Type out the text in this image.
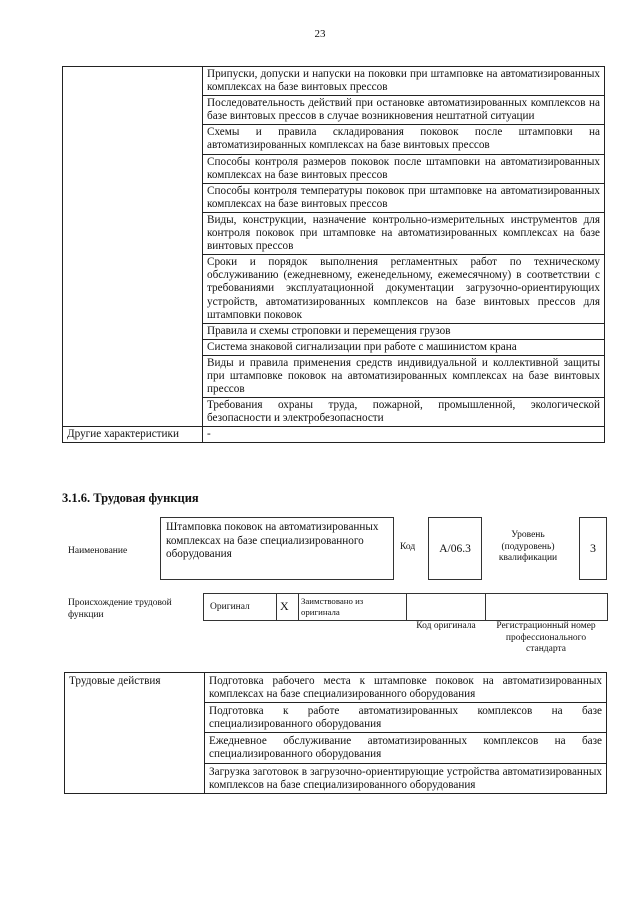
23
	Припуски, допуски и напуски на поковки при штамповке на автоматизированных комплексах на базе винтовых прессов
	Последовательность действий при остановке автоматизированных комплексов на базе винтовых прессов в случае возникновения нештатной ситуации
	Схемы и правила складирования поковок после штамповки на автоматизированных комплексах на базе винтовых прессов
	Способы контроля размеров поковок после штамповки на автоматизированных комплексах на базе винтовых прессов
	Способы контроля температуры поковок при штамповке на автоматизированных комплексах на базе винтовых прессов
	Виды, конструкции, назначение контрольно-измерительных инструментов для контроля поковок при штамповке на автоматизированных комплексах на базе винтовых прессов
	Сроки и порядок выполнения регламентных работ по техническому обслуживанию (ежедневному, еженедельному, ежемесячному) в соответствии с требованиями эксплуатационной документации загрузочно-ориентирующих устройств, автоматизированных комплексов на базе винтовых прессов для штамповки поковок
	Правила и схемы строповки и перемещения грузов
	Система знаковой сигнализации при работе с машинистом крана
	Виды и правила применения средств индивидуальной и коллективной защиты при штамповке поковок на автоматизированных комплексах на базе винтовых прессов
	Требования охраны труда, пожарной, промышленной, экологической безопасности и электробезопасности
Другие характеристики	-
3.1.6. Трудовая функция
Наименование
Штамповка поковок на автоматизированных комплексах на базе специализированного оборудования
Код	А/06.3
Уровень (подуровень) квалификации
3
Происхождение трудовой функции
Оригинал	Х Заимствовано из оригинала
Код оригинала	Регистрационный номер профессионального стандарта
Трудовые действия	Подготовка рабочего места к штамповке поковок на автоматизированных комплексах на базе специализированного оборудования
Подготовка к работе автоматизированных комплексов на базе специализированного оборудования
Ежедневное обслуживание автоматизированных комплексов на базе специализированного оборудования
Загрузка заготовок в загрузочно-ориентирующие устройства автоматизированных комплексов на базе специализированного оборудования
